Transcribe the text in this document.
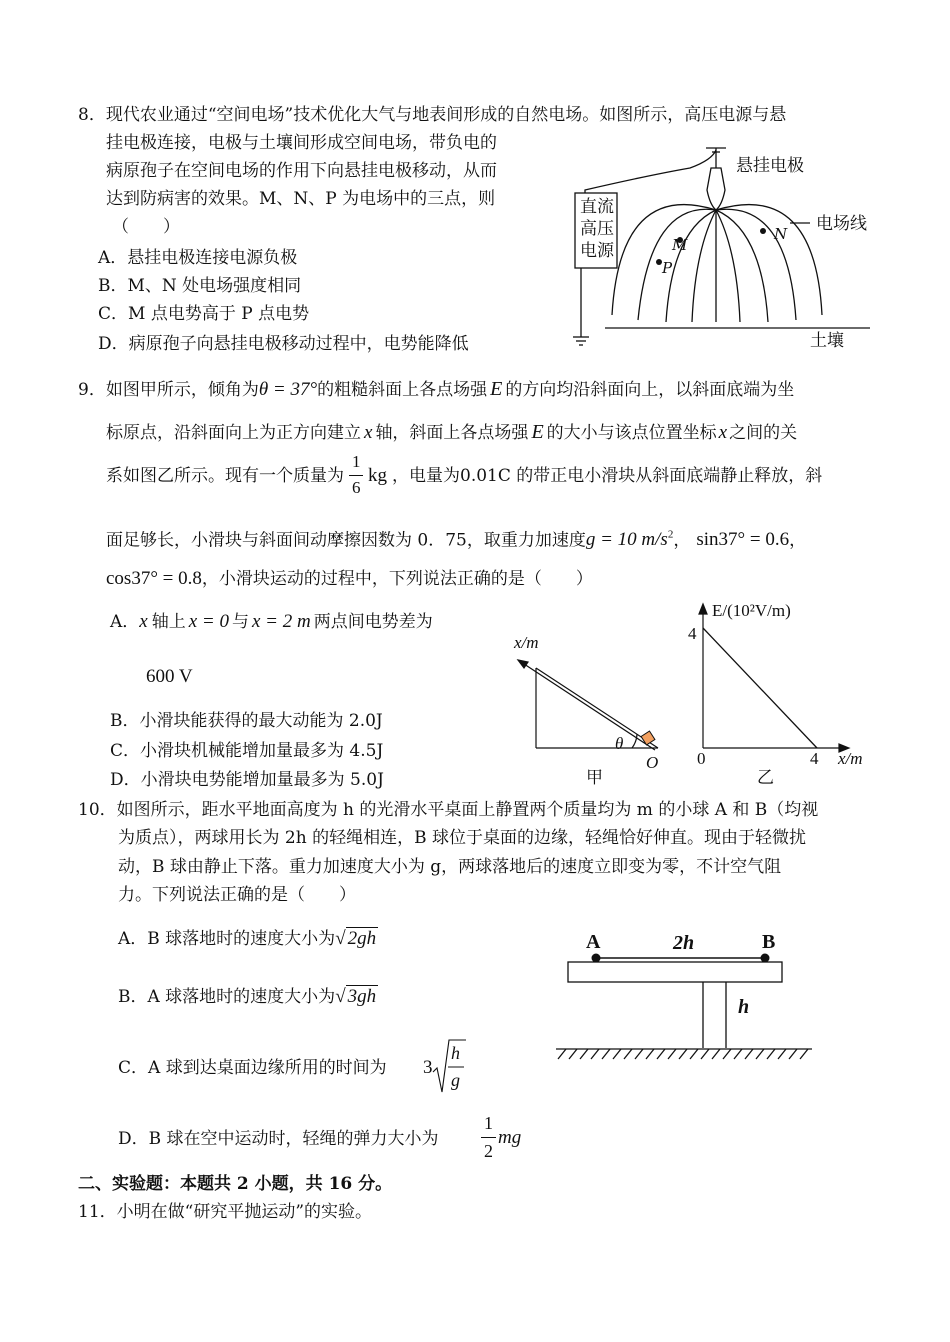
8．现代农业通过“空间电场”技术优化大气与地表间形成的自然电场。如图所示，高压电源与悬
挂电极连接，电极与土壤间形成空间电场，带负电的
病原孢子在空间电场的作用下向悬挂电极移动，从而
达到防病害的效果。M、N、P 为电场中的三点，则
（　　）
A．悬挂电极连接电源负极
B．M、N 处电场强度相同
C．M 点电势高于 P 点电势
D．病原孢子向悬挂电极移动过程中，电势能降低
悬挂电极
电场线
土壤
直流
高压
电源	M
P
N
9．如图甲所示，倾角为θ = 37°的粗糙斜面上各点场强 E 的方向均沿斜面向上，以斜面底端为坐
标原点，沿斜面向上为正方向建立 x 轴，斜面上各点场强 E 的大小与该点位置坐标 x 之间的关
系如图乙所示。现有一个质量为
1
6
kg ，电量为0.01C 的带正电小滑块从斜面底端静止释放，斜
面足够长，小滑块与斜面间动摩擦因数为 0．75，取重力加速度g = 10 $m/s^2$， sin37° = 0.6，
cos37° = 0.8，小滑块运动的过程中，下列说法正确的是（　　）
A．x 轴上 x = 0 与 x = 2 m 两点间电势差为
600 V
B．小滑块能获得的最大动能为 2.0J
C．小滑块机械能增加量最多为 4.5J
D．小滑块电势能增加量最多为 5.0J
x/m
θ
O
甲
E/(10²V/m)
4
0	4 x/m
乙
10．如图所示，距水平地面高度为 h 的光滑水平桌面上静置两个质量均为 m 的小球 A 和 B（均视
为质点），两球用长为 2h 的轻绳相连，B 球位于桌面的边缘，轻绳恰好伸直。现由于轻微扰
动，B 球由静止下落。重力加速度大小为 g，两球落地后的速度立即变为零，不计空气阻
力。下列说法正确的是（　　）
A．B 球落地时的速度大小为√ 2gh
B．A 球落地时的速度大小为√ 3gh
C．A 球到达桌面边缘所用的时间为 3
h
g
D．B 球在空中运动时，轻绳的弹力大小为
1
2
mg
A	2h	B
h
二、实验题：本题共 2 小题，共 16 分。
11．小明在做“研究平抛运动”的实验。
